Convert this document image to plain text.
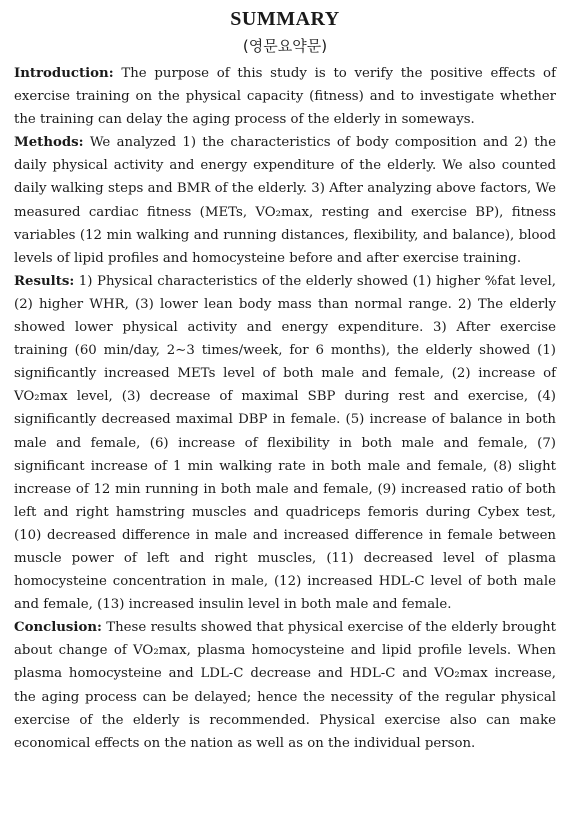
SUMMARY
(영문요약문)

Introduction: The purpose of this study is to verify the positive effects of exercise training on the physical capacity (fitness) and to investigate whether the training can delay the aging process of the elderly in someways.

Methods: We analyzed 1) the characteristics of body composition and 2) the daily physical activity and energy expenditure of the elderly. We also counted daily walking steps and BMR of the elderly. 3) After analyzing above factors, We measured cardiac fitness (METs, VO₂max, resting and exercise BP), fitness variables (12 min walking and running distances, flexibility, and balance), blood levels of lipid profiles and homocysteine before and after exercise training.

Results: 1) Physical characteristics of the elderly showed (1) higher %fat level, (2) higher WHR, (3) lower lean body mass than normal range. 2) The elderly showed lower physical activity and energy expenditure. 3) After exercise training (60 min/day, 2∼3 times/week, for 6 months), the elderly showed (1) significantly increased METs level of both male and female, (2) increase of VO₂max level, (3) decrease of maximal SBP during rest and exercise, (4) significantly decreased maximal DBP in female. (5) increase of balance in both male and female, (6) increase of flexibility in both male and female, (7) significant increase of 1 min walking rate in both male and female, (8) slight increase of 12 min running in both male and female, (9) increased ratio of both left and right hamstring muscles and quadriceps femoris during Cybex test, (10) decreased difference in male and increased difference in female between muscle power of left and right muscles, (11) decreased level of plasma homocysteine concentration in male, (12) increased HDL-C level of both male and female, (13) increased insulin level in both male and female.

Conclusion: These results showed that physical exercise of the elderly brought about change of VO₂max, plasma homocysteine and lipid profile levels. When plasma homocysteine and LDL-C decrease and HDL-C and VO₂max increase, the aging process can be delayed; hence the necessity of the regular physical exercise of the elderly is recommended. Physical exercise also can make economical effects on the nation as well as on the individual person.
